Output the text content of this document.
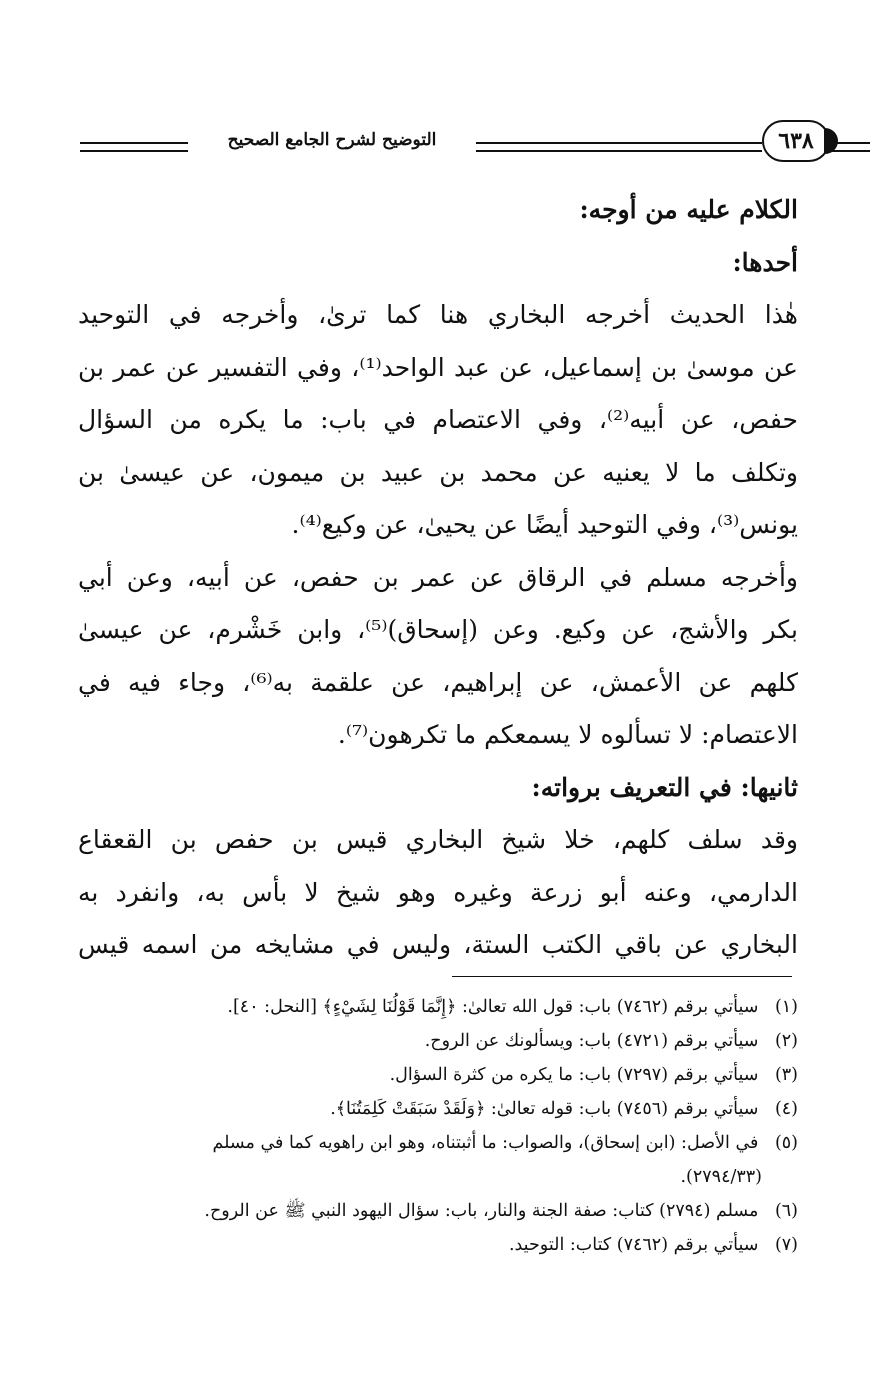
التوضيح لشرح الجامع الصحيح	٦٣٨
الكلام عليه من أوجه:
أحدها:
هٰذا الحديث أخرجه البخاري هنا كما ترىٰ، وأخرجه في التوحيد
عن موسىٰ بن إسماعيل، عن عبد الواحد⁽¹⁾، وفي التفسير عن عمر بن
حفص، عن أبيه⁽²⁾، وفي الاعتصام في باب: ما يكره من السؤال
وتكلف ما لا يعنيه عن محمد بن عبيد بن ميمون، عن عيسىٰ بن
يونس⁽³⁾، وفي التوحيد أيضًا عن يحيىٰ، عن وكيع⁽⁴⁾.
وأخرجه مسلم في الرقاق عن عمر بن حفص، عن أبيه، وعن أبي
بكر والأشج، عن وكيع. وعن (إسحاق)⁽⁵⁾، وابن خَشْرم، عن عيسىٰ
كلهم عن الأعمش، عن إبراهيم، عن علقمة به⁽⁶⁾، وجاء فيه في
الاعتصام: لا تسألوه لا يسمعكم ما تكرهون⁽⁷⁾.
ثانيها: في التعريف برواته:
وقد سلف كلهم، خلا شيخ البخاري قيس بن حفص بن القعقاع
الدارمي، وعنه أبو زرعة وغيره وهو شيخ لا بأس به، وانفرد به
البخاري عن باقي الكتب الستة، وليس في مشايخه من اسمه قيس
(١) سيأتي برقم (٧٤٦٢) باب: قول الله تعالىٰ: ﴿إِنَّمَا قَوْلُنَا لِشَيْءٍ﴾ [النحل: ٤٠].
(٢) سيأتي برقم (٤٧٢١) باب: ويسألونك عن الروح.
(٣) سيأتي برقم (٧٢٩٧) باب: ما يكره من كثرة السؤال.
(٤) سيأتي برقم (٧٤٥٦) باب: قوله تعالىٰ: ﴿وَلَقَدْ سَبَقَتْ كَلِمَتُنَا﴾.
(٥) في الأصل: (ابن إسحاق)، والصواب: ما أثبتناه، وهو ابن راهويه كما في مسلم
(٢٧٩٤/٣٣).
(٦) مسلم (٢٧٩٤) كتاب: صفة الجنة والنار، باب: سؤال اليهود النبي ﷺ عن الروح.
(٧) سيأتي برقم (٧٤٦٢) كتاب: التوحيد.
